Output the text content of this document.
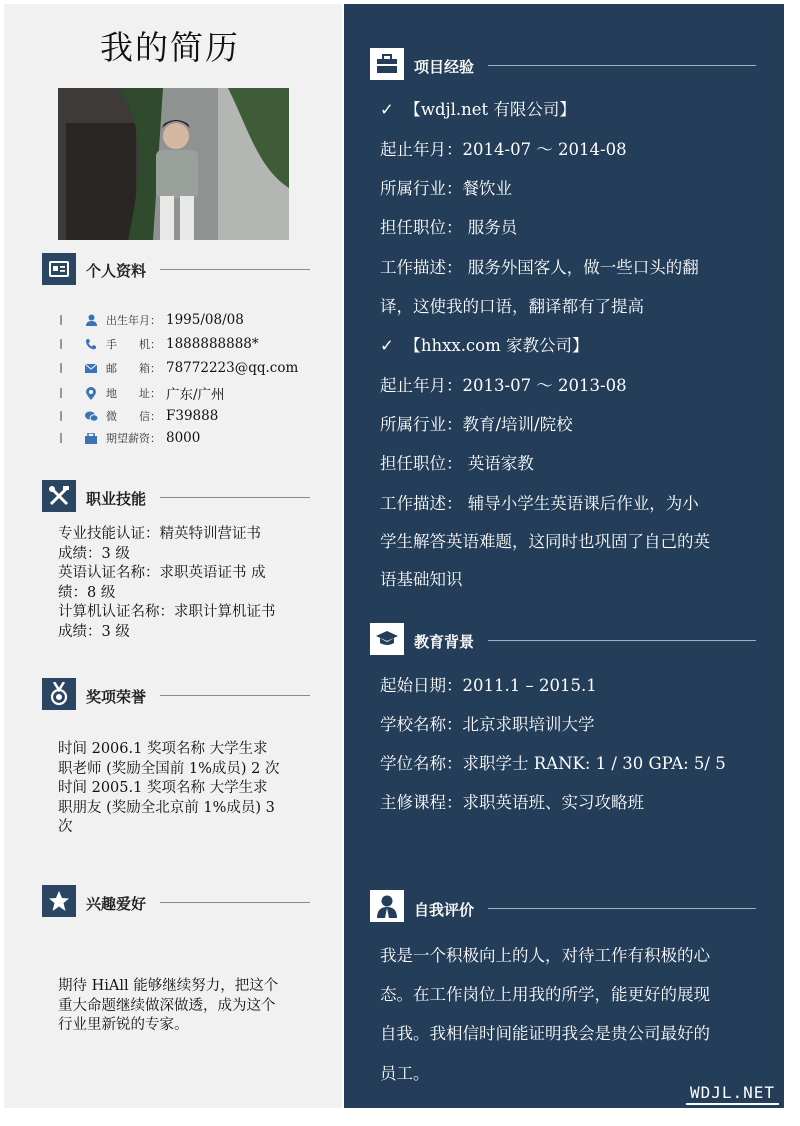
我的简历
个人资料
出生年月： 1995/08/08
手　　机： 1888888888*
邮　　箱： 78772223@qq.com
地　　址： 广东/广州
微　　信： F39888
期望薪资： 8000
职业技能
专业技能认证：精英特训营证书
成绩：3 级
英语认证名称：求职英语证书 成
绩：8 级
计算机认证名称：求职计算机证书
成绩：3 级
奖项荣誉
时间 2006.1 奖项名称 大学生求
职老师 (奖励全国前 1%成员) 2 次
时间 2005.1 奖项名称 大学生求
职朋友 (奖励全北京前 1%成员) 3
次
兴趣爱好
期待 HiAll 能够继续努力，把这个
重大命题继续做深做透，成为这个
行业里新锐的专家。
项目经验
✓  【wdjl.net 有限公司】
起止年月：2014-07 ～ 2014-08
所属行业：餐饮业
担任职位： 服务员
工作描述： 服务外国客人，做一些口头的翻
译，这使我的口语，翻译都有了提高
✓  【hhxx.com 家教公司】
起止年月：2013-07 ～ 2013-08
所属行业：教育/培训/院校
担任职位： 英语家教
工作描述： 辅导小学生英语课后作业，为小
学生解答英语难题，这同时也巩固了自己的英
语基础知识
教育背景
起始日期：2011.1 – 2015.1
学校名称：北京求职培训大学
学位名称：求职学士 RANK: 1 / 30 GPA: 5/ 5
主修课程：求职英语班、实习攻略班
自我评价
我是一个积极向上的人，对待工作有积极的心
态。在工作岗位上用我的所学，能更好的展现
自我。我相信时间能证明我会是贵公司最好的
员工。
WDJL.NET
